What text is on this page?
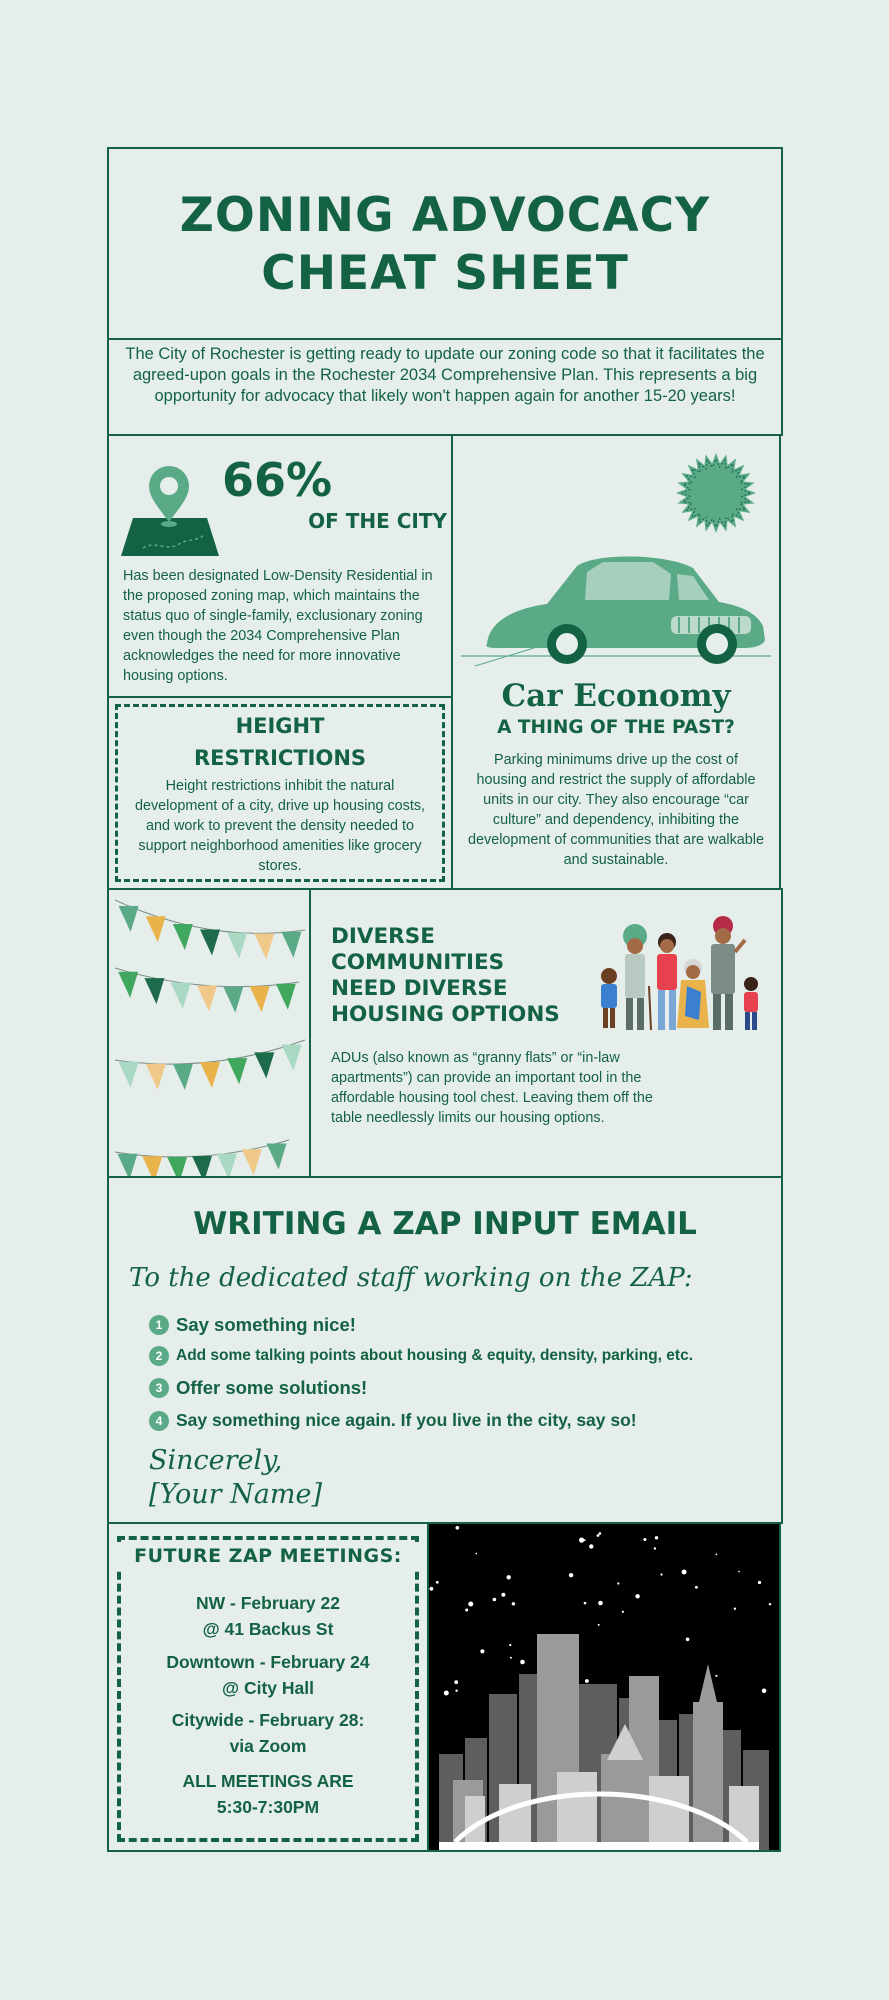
ZONING ADVOCACY
CHEAT SHEET

The City of Rochester is getting ready to update our zoning code so that it facilitates the agreed-upon goals in the Rochester 2034 Comprehensive Plan. This represents a big opportunity for advocacy that likely won't happen again for another 15-20 years!

66%
OF THE CITY
Has been designated Low-Density Residential in the proposed zoning map, which maintains the status quo of single-family, exclusionary zoning even though the 2034 Comprehensive Plan acknowledges the need for more innovative housing options.
HEIGHT
RESTRICTIONS
Height restrictions inhibit the natural development of a city, drive up housing costs, and work to prevent the density needed to support neighborhood amenities like grocery stores.
Car Economy
A THING OF THE PAST?
Parking minimums drive up the cost of housing and restrict the supply of affordable units in our city. They also encourage “car culture” and dependency, inhibiting the development of communities that are walkable and sustainable.
DIVERSE
COMMUNITIES
NEED DIVERSE
HOUSING OPTIONS
ADUs (also known as “granny flats” or “in-law apartments”) can provide an important tool in the affordable housing tool chest. Leaving them off the table needlessly limits our housing options.
WRITING A ZAP INPUT EMAIL
To the dedicated staff working on the ZAP:
1 Say something nice!
2 Add some talking points about housing & equity, density, parking, etc.
3 Offer some solutions!
4 Say something nice again. If you live in the city, say so!
Sincerely,
[Your Name]
FUTURE ZAP MEETINGS:
NW - February 22
@ 41 Backus St
Downtown - February 24
@ City Hall
Citywide - February 28:
via Zoom
ALL MEETINGS ARE
5:30-7:30PM
